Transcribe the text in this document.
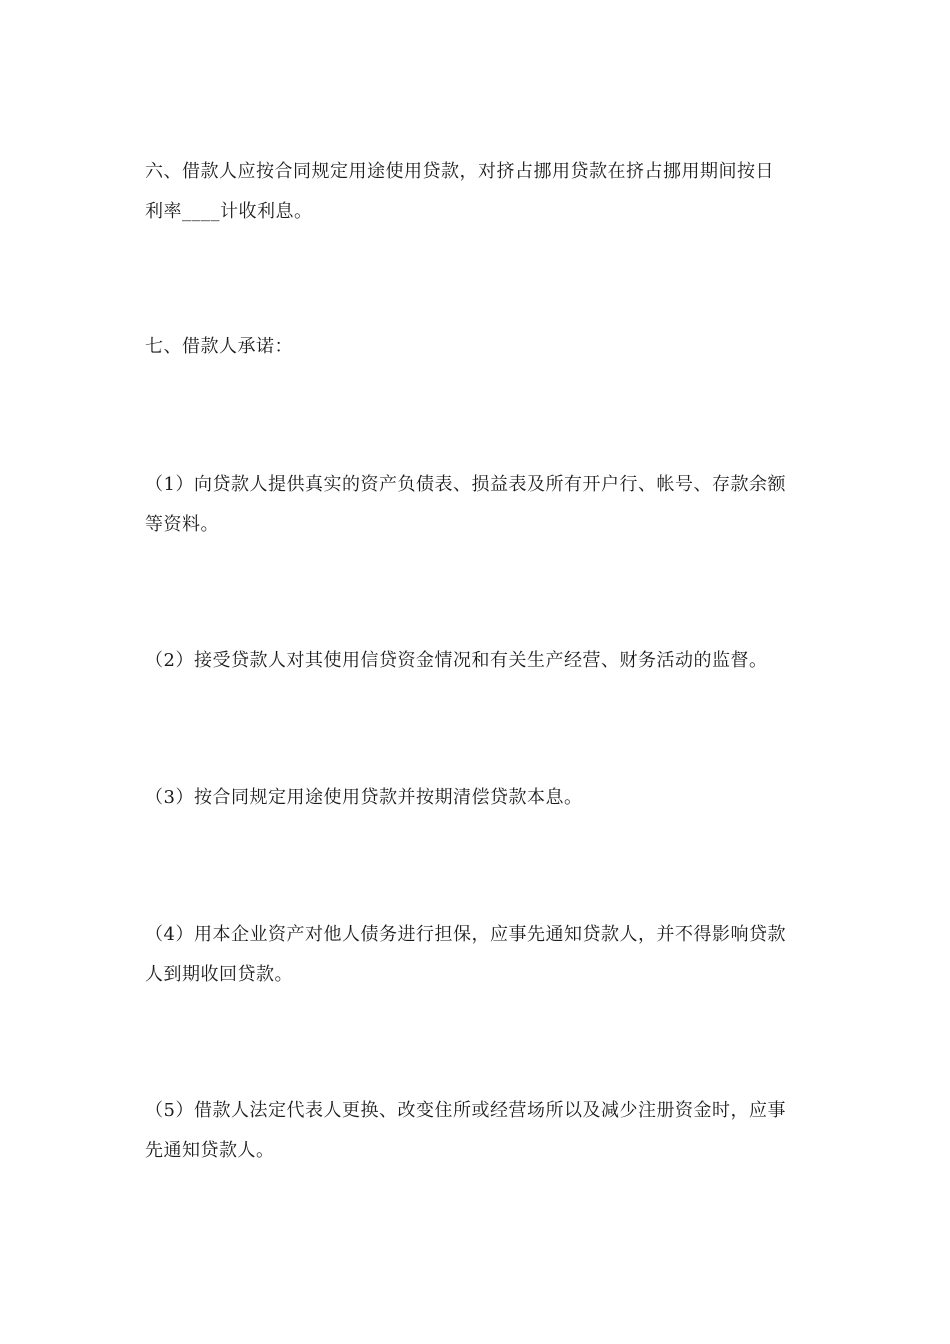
六、借款人应按合同规定用途使用贷款，对挤占挪用贷款在挤占挪用期间按日
利率____计收利息。

七、借款人承诺：

（1）向贷款人提供真实的资产负债表、损益表及所有开户行、帐号、存款余额
等资料。

（2）接受贷款人对其使用信贷资金情况和有关生产经营、财务活动的监督。

（3）按合同规定用途使用贷款并按期清偿贷款本息。

（4）用本企业资产对他人债务进行担保，应事先通知贷款人，并不得影响贷款
人到期收回贷款。

（5）借款人法定代表人更换、改变住所或经营场所以及减少注册资金时，应事
先通知贷款人。
